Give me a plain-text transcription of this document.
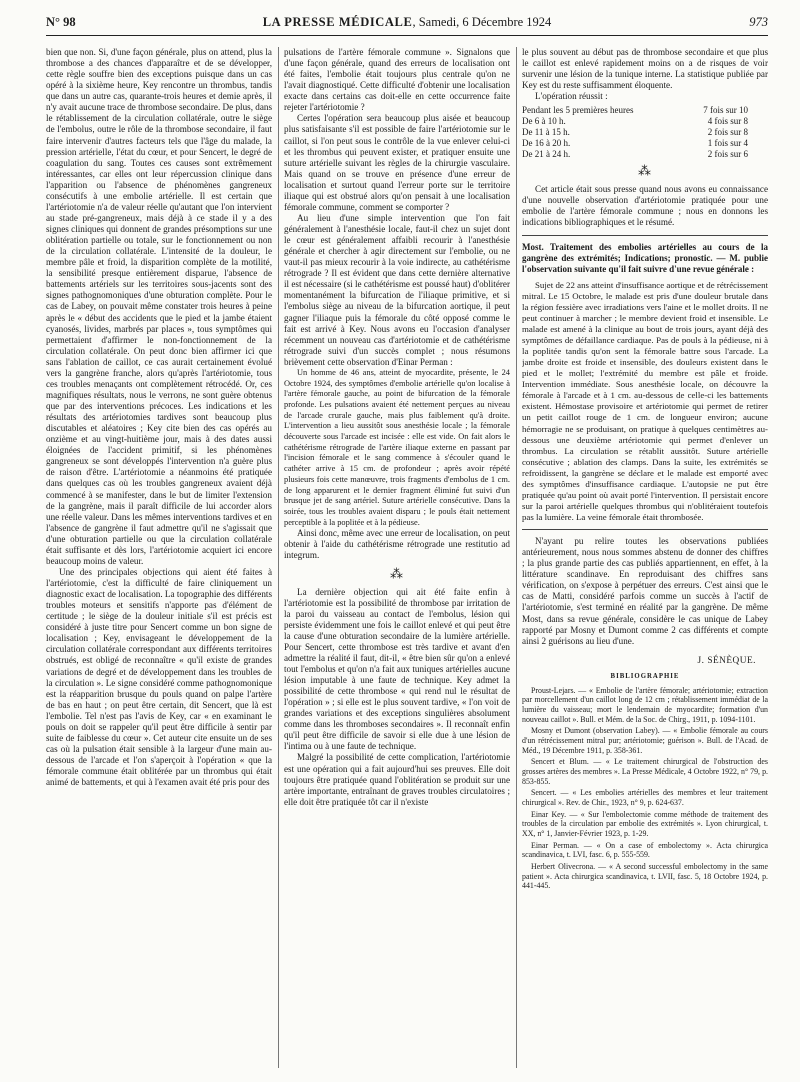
N° 98	LA PRESSE MÉDICALE, Samedi, 6 Décembre 1924	973

bien que non. Si, d'une façon générale, plus on attend, plus la thrombose a des chances d'apparaître et de se développer, cette règle souffre bien des exceptions puisque dans un cas opéré à la sixième heure, Key rencontre un thrombus, tandis que dans un autre cas, quarante-trois heures et demie après, il n'y avait aucune trace de thrombose secondaire. De plus, dans le rétablissement de la circulation collatérale, outre le siège de l'embolus, outre le rôle de la thrombose secondaire, il faut faire intervenir d'autres facteurs tels que l'âge du malade, la pression artérielle, l'état du cœur, et pour Sencert, le degré de coagulation du sang. Toutes ces causes sont extrêmement intéressantes, car elles ont leur répercussion clinique dans l'apparition ou l'absence de phénomènes gangreneux consécutifs à une embolie artérielle. Il est certain que l'artériotomie n'a de valeur réelle qu'autant que l'on intervient au stade pré-gangreneux, mais déjà à ce stade il y a des signes cliniques qui donnent de grandes présomptions sur une oblitération partielle ou totale, sur le fonctionnement ou non de la circulation collatérale. L'intensité de la douleur, le membre pâle et froid, la disparition complète de la motilité, la sensibilité presque entièrement disparue, l'absence de battements artériels sur les territoires sous-jacents sont des signes pathognomoniques d'une obturation complète. Pour le cas de Labey, on pouvait même constater trois heures à peine après le « début des accidents que le pied et la jambe étaient cyanosés, livides, marbrés par places », tous symptômes qui permettaient d'affirmer le non-fonctionnement de la circulation collatérale. On peut donc bien affirmer ici que sans l'ablation de caillot, ce cas aurait certainement évolué vers la gangrène franche, alors qu'après l'artériotomie, tous ces troubles menaçants ont complètement rétrocédé. Or, ces magnifiques résultats, nous le verrons, ne sont guère obtenus que par des interventions précoces. Les indications et les résultats des artériotomies tardives sont beaucoup plus discutables et aléatoires ; Key cite bien des cas opérés au onzième et au vingt-huitième jour, mais à des dates aussi éloignées de l'accident primitif, si les phénomènes gangreneux se sont développés l'intervention n'a guère plus de raison d'être. L'artériotomie a néanmoins été pratiquée dans quelques cas où les troubles gangreneux avaient déjà commencé à se manifester, dans le but de limiter l'extension de la gangrène, mais il paraît difficile de lui accorder alors une réelle valeur. Dans les mêmes interventions tardives et en l'absence de gangrène il faut admettre qu'il ne s'agissait que d'une obturation partielle ou que la circulation collatérale était suffisante et dès lors, l'artériotomie acquiert ici encore beaucoup moins de valeur.

Une des principales objections qui aient été faites à l'artériotomie, c'est la difficulté de faire cliniquement un diagnostic exact de localisation. La topographie des différents troubles moteurs et sensitifs n'apporte pas d'élément de certitude ; le siège de la douleur initiale s'il est précis est considéré à juste titre pour Sencert comme un bon signe de localisation ; Key, envisageant le développement de la circulation collatérale correspondant aux différents territoires obstrués, est obligé de reconnaître « qu'il existe de grandes variations de degré et de développement dans les troubles de la circulation ». Le signe considéré comme pathognomonique est la réapparition brusque du pouls quand on palpe l'artère de bas en haut ; on peut être certain, dit Sencert, que là est l'embolie. Tel n'est pas l'avis de Key, car « en examinant le pouls on doit se rappeler qu'il peut être difficile à sentir par suite de faiblesse du cœur ». Cet auteur cite ensuite un de ses cas où la pulsation était sensible à la largeur d'une main au-dessous de l'arcade et l'on s'aperçoit à l'opération « que la fémorale commune était oblitérée par un thrombus qui était animé de battements, et qui à l'examen avait été pris pour des

pulsations de l'artère fémorale commune ». Signalons que d'une façon générale, quand des erreurs de localisation ont été faites, l'embolie était toujours plus centrale qu'on ne l'avait diagnostiqué. Cette difficulté d'obtenir une localisation exacte dans certains cas doit-elle en cette occurrence faite rejeter l'artériotomie ?

Certes l'opération sera beaucoup plus aisée et beaucoup plus satisfaisante s'il est possible de faire l'artériotomie sur le caillot, si l'on peut sous le contrôle de la vue enlever celui-ci et les thrombus qui peuvent exister, et pratiquer ensuite une suture artérielle suivant les règles de la chirurgie vasculaire. Mais quand on se trouve en présence d'une erreur de localisation et surtout quand l'erreur porte sur le territoire iliaque qui est obstrué alors qu'on pensait à une localisation fémorale commune, comment se comporter ?

Au lieu d'une simple intervention que l'on fait généralement à l'anesthésie locale, faut-il chez un sujet dont le cœur est généralement affaibli recourir à l'anesthésie générale et chercher à agir directement sur l'embolie, ou ne vaut-il pas mieux recourir à la voie indirecte, au cathétérisme rétrograde ? Il est évident que dans cette dernière alternative il est nécessaire (si le cathétérisme est poussé haut) d'oblitérer momentanément la bifurcation de l'iliaque primitive, et si l'embolus siège au niveau de la bifurcation aortique, il peut gagner l'iliaque puis la fémorale du côté opposé comme le fait est arrivé à Key. Nous avons eu l'occasion d'analyser récemment un nouveau cas d'artériotomie et de cathétérisme rétrograde suivi d'un succès complet ; nous résumons brièvement cette observation d'Einar Perman :

Un homme de 46 ans, atteint de myocardite, présente, le 24 Octobre 1924, des symptômes d'embolie artérielle qu'on localise à l'artère fémorale gauche, au point de bifurcation de la fémorale profonde. Les pulsations avaient été nettement perçues au niveau de l'arcade crurale gauche, mais plus faiblement qu'à droite. L'intervention a lieu aussitôt sous anesthésie locale ; la fémorale découverte sous l'arcade est incisée : elle est vide. On fait alors le cathétérisme rétrograde de l'artère iliaque externe en passant par l'incision fémorale et le sang commence à s'écouler quand le cathéter arrive à 15 cm. de profondeur ; après avoir répété plusieurs fois cette manœuvre, trois fragments d'embolus de 1 cm. de long apparurent et le dernier fragment éliminé fut suivi d'un brusque jet de sang artériel. Suture artérielle consécutive. Dans la soirée, tous les troubles avaient disparu ; le pouls était nettement perceptible à la poplitée et à la pédieuse.

Ainsi donc, même avec une erreur de localisation, on peut obtenir à l'aide du cathétérisme rétrograde une restitutio ad integrum.

⁂

La dernière objection qui ait été faite enfin à l'artériotomie est la possibilité de thrombose par irritation de la paroi du vaisseau au contact de l'embolus, lésion qui persiste évidemment une fois le caillot enlevé et qui peut être la cause d'une obturation secondaire de la lumière artérielle. Pour Sencert, cette thrombose est très tardive et avant d'en admettre la réalité il faut, dit-il, « être bien sûr qu'on a enlevé tout l'embolus et qu'on n'a fait aux tuniques artérielles aucune lésion imputable à une faute de technique. Key admet la possibilité de cette thrombose « qui rend nul le résultat de l'opération » ; si elle est le plus souvent tardive, « l'on voit de grandes variations et des exceptions singulières absolument comme dans les thromboses secondaires ». Il reconnaît enfin qu'il peut être difficile de savoir si elle due à une lésion de l'intima ou à une faute de technique.

Malgré la possibilité de cette complication, l'artériotomie est une opération qui a fait aujourd'hui ses preuves. Elle doit toujours être pratiquée quand l'oblitération se produit sur une artère importante, entraînant de graves troubles circulatoires ; elle doit être pratiquée tôt car il n'existe

le plus souvent au début pas de thrombose secondaire et que plus le caillot est enlevé rapidement moins on a de risques de voir survenir une lésion de la tunique interne. La statistique publiée par Key est du reste suffisamment éloquente.

L'opération réussit :

Pendant les 5 premières heures	7 fois sur 10
De 6 à 10 h.	4 fois sur 8
De 11 à 15 h.	2 fois sur 8
De 16 à 20 h.	1 fois sur 4
De 21 à 24 h.	2 fois sur 6
⁂

Cet article était sous presse quand nous avons eu connaissance d'une nouvelle observation d'artériotomie pratiquée pour une embolie de l'artère fémorale commune ; nous en donnons les indications bibliographiques et le résumé.

Most. Traitement des embolies artérielles au cours de la gangrène des extrémités; Indications; pronostic. — M. publie l'observation suivante qu'il fait suivre d'une revue générale :

Sujet de 22 ans atteint d'insuffisance aortique et de rétrécissement mitral. Le 15 Octobre, le malade est pris d'une douleur brutale dans la région fessière avec irradiations vers l'aine et le mollet droits. Il ne peut continuer à marcher ; le membre devient froid et insensible. Le malade est amené à la clinique au bout de trois jours, ayant déjà des symptômes de défaillance cardiaque. Pas de pouls à la pédieuse, ni à la poplitée tandis qu'on sent la fémorale battre sous l'arcade. La jambe droite est froide et insensible, des douleurs existent dans le pied et le mollet; l'extrémité du membre est pâle et froide. Intervention immédiate. Sous anesthésie locale, on découvre la fémorale à l'arcade et à 1 cm. au-dessous de celle-ci les battements existent. Hémostase provisoire et artériotomie qui permet de retirer un petit caillot rouge de 1 cm. de longueur environ; aucune hémorragie ne se produisant, on pratique à quelques centimètres au-dessous une deuxième artériotomie qui permet d'enlever un thrombus. La circulation se rétablit aussitôt. Suture artérielle consécutive ; ablation des clamps. Dans la suite, les extrémités se refroidissent, la gangrène se déclare et le malade est emporté avec des symptômes d'insuffisance cardiaque. L'autopsie ne put être pratiquée qu'au point où avait porté l'intervention. Il persistait encore sur la paroi artérielle quelques thrombus qui n'oblitéraient toutefois pas la lumière. La veine fémorale était thrombosée.

N'ayant pu relire toutes les observations publiées antérieurement, nous nous sommes abstenu de donner des chiffres ; la plus grande partie des cas publiés appartiennent, en effet, à la littérature scandinave. En reproduisant des chiffres sans vérification, on s'expose à perpétuer des erreurs. C'est ainsi que le cas de Matti, considéré parfois comme un succès à l'actif de l'artériotomie, s'est terminé en réalité par la gangrène. De même Most, dans sa revue générale, considère le cas unique de Labey rapporté par Mosny et Dumont comme 2 cas différents et compte ainsi 2 guérisons au lieu d'une.

J. SÉNÈQUE.
BIBLIOGRAPHIE

Proust-Lejars. — « Embolie de l'artère fémorale; artériotomie; extraction par morcellement d'un caillot long de 12 cm ; rétablissement immédiat de la lumière du vaisseau; mort le lendemain de myocardite; formation d'un nouveau caillot ». Bull. et Mém. de la Soc. de Chirg., 1911, p. 1094-1101.

Mosny et Dumont (observation Labey). — « Embolie fémorale au cours d'un rétrécissement mitral pur; artériotomie; guérison ». Bull. de l'Acad. de Méd., 19 Décembre 1911, p. 358-361.

Sencert et Blum. — « Le traitement chirurgical de l'obstruction des grosses artères des membres ». La Presse Médicale, 4 Octobre 1922, n° 79, p. 853-855.

Sencert. — « Les embolies artérielles des membres et leur traitement chirurgical ». Rev. de Chir., 1923, n° 9, p. 624-637.

Einar Key. — « Sur l'embolectomie comme méthode de traitement des troubles de la circulation par embolie des extrémités ». Lyon chirurgical, t. XX, n° 1, Janvier-Février 1923, p. 1-29.

Einar Perman. — « On a case of embolectomy ». Acta chirurgica scandinavica, t. LVI, fasc. 6, p. 555-559.

Herbert Olivecrona. — « A second successful embolectomy in the same patient ». Acta chirurgica scandinavica, t. LVII, fasc. 5, 18 Octobre 1924, p. 441-445.
